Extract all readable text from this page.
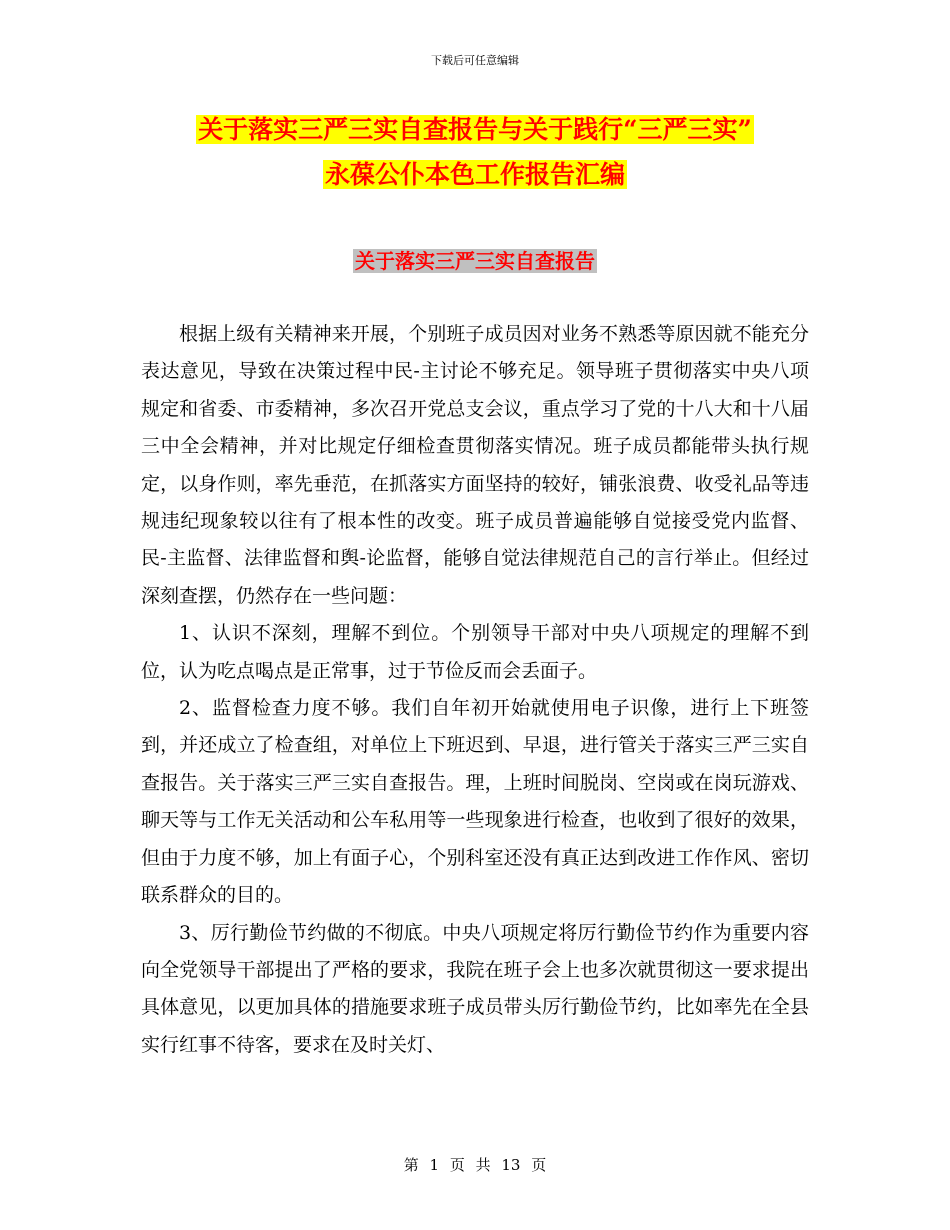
下载后可任意编辑
关于落实三严三实自查报告与关于践行“三严三实”
永葆公仆本色工作报告汇编
关于落实三严三实自查报告

根据上级有关精神来开展，个别班子成员因对业务不熟悉等原因就不能充分表达意见，导致在决策过程中民-主讨论不够充足。领导班子贯彻落实中央八项规定和省委、市委精神，多次召开党总支会议，重点学习了党的十八大和十八届三中全会精神，并对比规定仔细检查贯彻落实情况。班子成员都能带头执行规定，以身作则，率先垂范，在抓落实方面坚持的较好，铺张浪费、收受礼品等违规违纪现象较以往有了根本性的改变。班子成员普遍能够自觉接受党内监督、民-主监督、法律监督和舆-论监督，能够自觉法律规范自己的言行举止。但经过深刻查摆，仍然存在一些问题：

1、认识不深刻，理解不到位。个别领导干部对中央八项规定的理解不到位，认为吃点喝点是正常事，过于节俭反而会丢面子。

2、监督检查力度不够。我们自年初开始就使用电子识像，进行上下班签到，并还成立了检查组，对单位上下班迟到、早退，进行管关于落实三严三实自查报告。关于落实三严三实自查报告。理，上班时间脱岗、空岗或在岗玩游戏、聊天等与工作无关活动和公车私用等一些现象进行检查，也收到了很好的效果，但由于力度不够，加上有面子心，个别科室还没有真正达到改进工作作风、密切联系群众的目的。

3、厉行勤俭节约做的不彻底。中央八项规定将厉行勤俭节约作为重要内容向全党领导干部提出了严格的要求，我院在班子会上也多次就贯彻这一要求提出具体意见，以更加具体的措施要求班子成员带头厉行勤俭节约，比如率先在全县实行红事不待客，要求在及时关灯、

第 1 页 共 13 页
